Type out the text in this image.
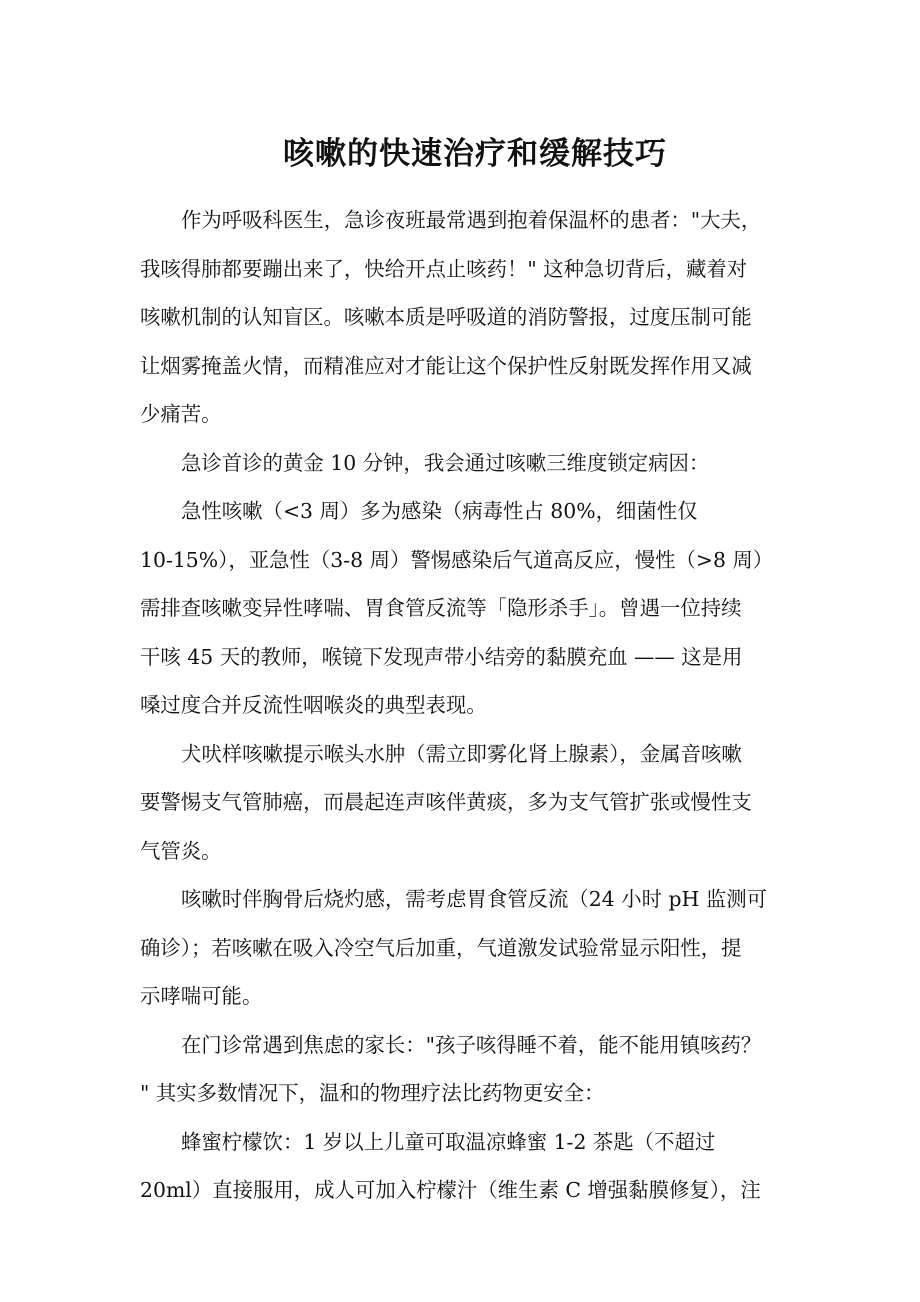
咳嗽的快速治疗和缓解技巧

作为呼吸科医生，急诊夜班最常遇到抱着保温杯的患者："大夫，
我咳得肺都要蹦出来了，快给开点止咳药！" 这种急切背后，藏着对
咳嗽机制的认知盲区。咳嗽本质是呼吸道的消防警报，过度压制可能
让烟雾掩盖火情，而精准应对才能让这个保护性反射既发挥作用又减
少痛苦。

急诊首诊的黄金 10 分钟，我会通过咳嗽三维度锁定病因：

急性咳嗽（<3 周）多为感染（病毒性占 80%，细菌性仅
10-15%），亚急性（3-8 周）警惕感染后气道高反应，慢性（>8 周）
需排查咳嗽变异性哮喘、胃食管反流等「隐形杀手」。曾遇一位持续
干咳 45 天的教师，喉镜下发现声带小结旁的黏膜充血 —— 这是用
嗓过度合并反流性咽喉炎的典型表现。

犬吠样咳嗽提示喉头水肿（需立即雾化肾上腺素），金属音咳嗽
要警惕支气管肺癌，而晨起连声咳伴黄痰，多为支气管扩张或慢性支
气管炎。

咳嗽时伴胸骨后烧灼感，需考虑胃食管反流（24 小时 pH 监测可
确诊）；若咳嗽在吸入冷空气后加重，气道激发试验常显示阳性，提
示哮喘可能。

在门诊常遇到焦虑的家长："孩子咳得睡不着，能不能用镇咳药？
" 其实多数情况下，温和的物理疗法比药物更安全：

蜂蜜柠檬饮：1 岁以上儿童可取温凉蜂蜜 1-2 茶匙（不超过
20ml）直接服用，成人可加入柠檬汁（维生素 C 增强黏膜修复），注
